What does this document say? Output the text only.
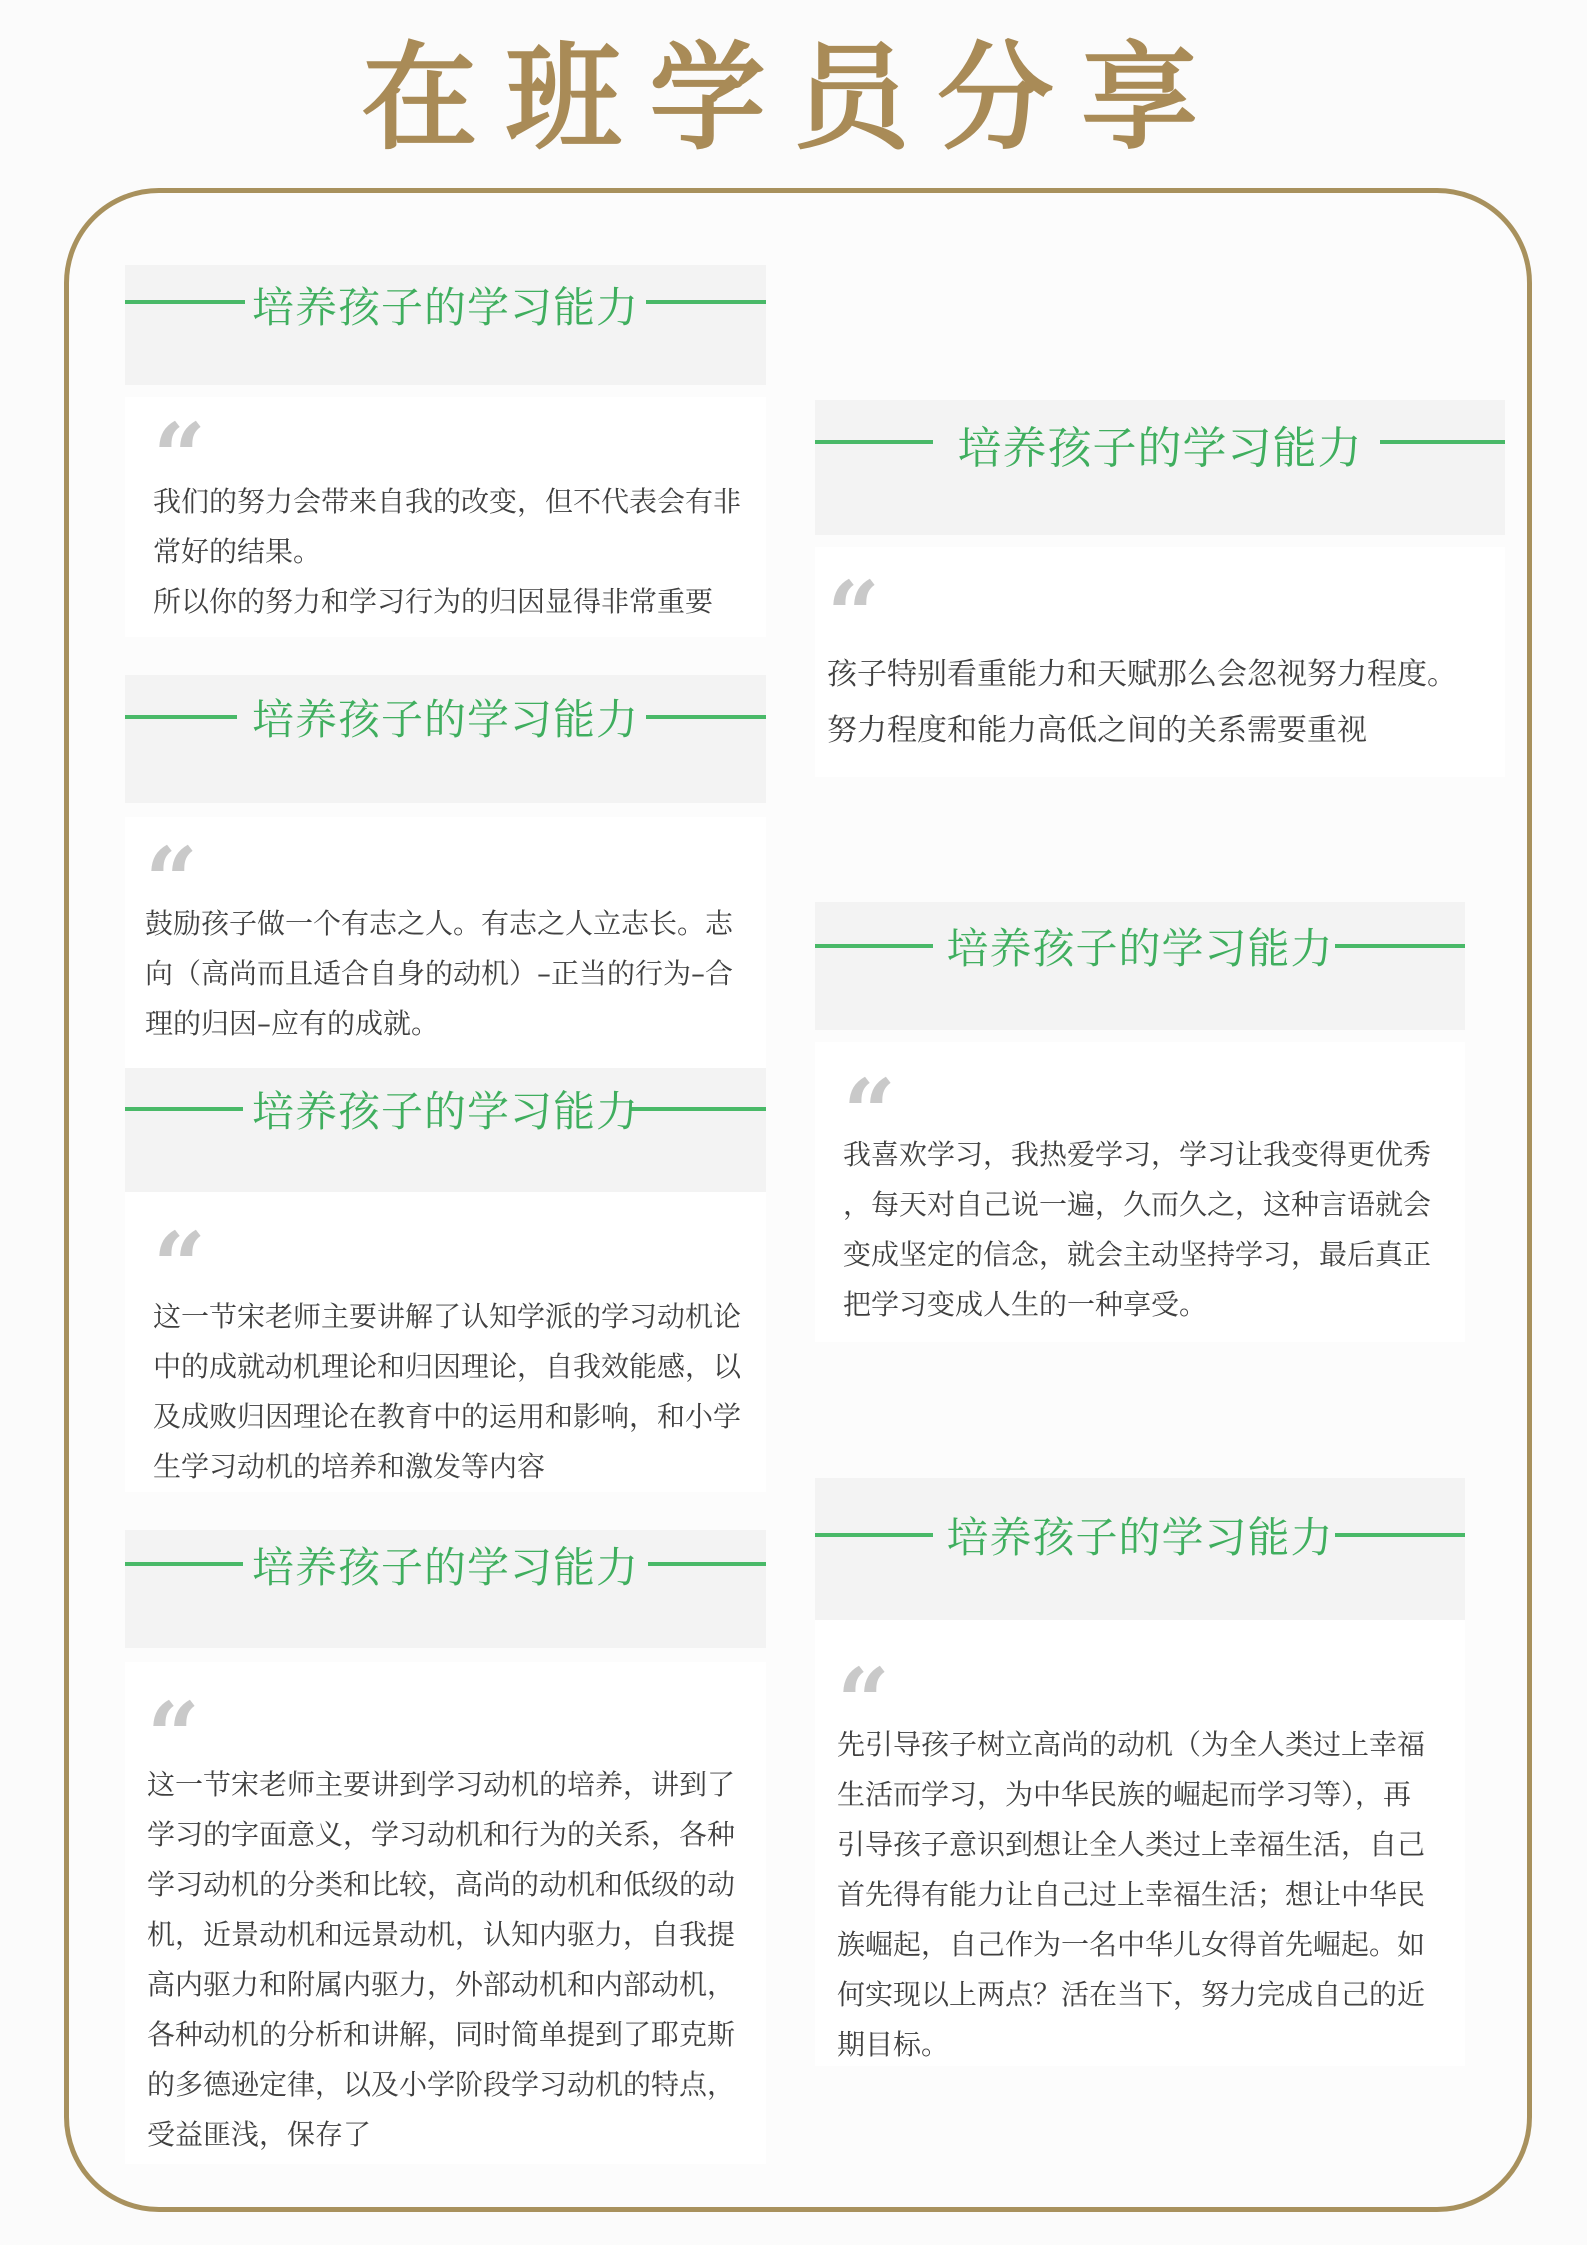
在班学员分享
培养孩子的学习能力
“
我们的努力会带来自我的改变，但不代表会有非
常好的结果。
所以你的努力和学习行为的归因显得非常重要
培养孩子的学习能力
“
孩子特别看重能力和天赋那么会忽视努力程度。
努力程度和能力高低之间的关系需要重视
培养孩子的学习能力
“
鼓励孩子做一个有志之人。有志之人立志长。志
向（高尚而且适合自身的动机）–正当的行为–合
理的归因–应有的成就。
培养孩子的学习能力
“
我喜欢学习，我热爱学习，学习让我变得更优秀
，每天对自己说一遍，久而久之，这种言语就会
变成坚定的信念，就会主动坚持学习，最后真正
把学习变成人生的一种享受。
培养孩子的学习能力
“
这一节宋老师主要讲解了认知学派的学习动机论
中的成就动机理论和归因理论，自我效能感，以
及成败归因理论在教育中的运用和影响，和小学
生学习动机的培养和激发等内容
培养孩子的学习能力
“
先引导孩子树立高尚的动机（为全人类过上幸福
生活而学习，为中华民族的崛起而学习等），再
引导孩子意识到想让全人类过上幸福生活，自己
首先得有能力让自己过上幸福生活；想让中华民
族崛起，自己作为一名中华儿女得首先崛起。如
何实现以上两点？活在当下，努力完成自己的近
期目标。
培养孩子的学习能力
“
这一节宋老师主要讲到学习动机的培养，讲到了
学习的字面意义，学习动机和行为的关系，各种
学习动机的分类和比较，高尚的动机和低级的动
机，近景动机和远景动机，认知内驱力，自我提
高内驱力和附属内驱力，外部动机和内部动机，
各种动机的分析和讲解，同时简单提到了耶克斯
的多德逊定律，以及小学阶段学习动机的特点，
受益匪浅，保存了
